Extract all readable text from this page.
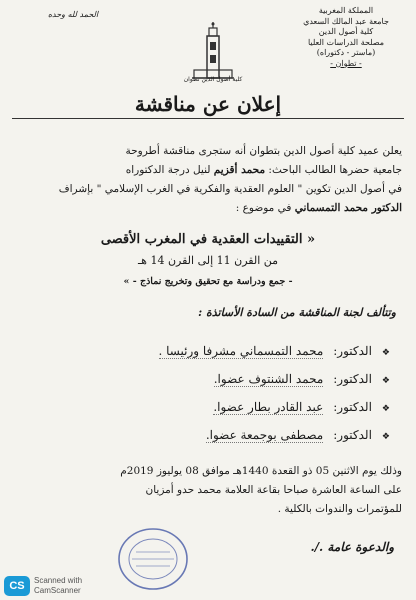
المملكة المغربية
جامعة عبد المالك السعدي
كلية أصول الدين
مصلحة الدراسات العليا
(ماستر - دكتوراه)
- تطوان -
الحمد لله وحده
كلية أصول الدين تطوان
إعلان عن مناقشة
يعلن عميد كلية أصول الدين بتطوان أنه ستجرى مناقشة أطروحة
جامعية حضرها الطالب الباحث: محمد أقزيم لنيل درجة الدكتوراه
في أصول الدين تكوين " العلوم العقدية والفكرية في الغرب الإسلامي " بإشراف
الدكتور محمد التمسماني في موضوع :
« التقييدات العقدية في المغرب الأقصى
من القرن 11 إلى القرن 14 هـ
- جمع ودراسة مع تحقيق وتخريج نماذج - »
وتتألف لجنة المناقشة من السادة الأساتذة :
❖
الدكتور:
محمد التمسماني مشرفا ورئيسا .
❖
الدكتور:
محمد الشنتوف عضوا.
❖
الدكتور:
عبد القادر بطار عضوا.
❖
الدكتور:
مصطفى بوجمعة عضوا.
وذلك يوم الاثنين 05 ذو القعدة 1440هـ موافق 08 يوليوز 2019م
على الساعة العاشرة صباحا بقاعة العلامة محمد حدو أمزيان
للمؤتمرات والندوات بالكلية .
والدعوة عامة ./.
CS	Scanned with
CamScanner
